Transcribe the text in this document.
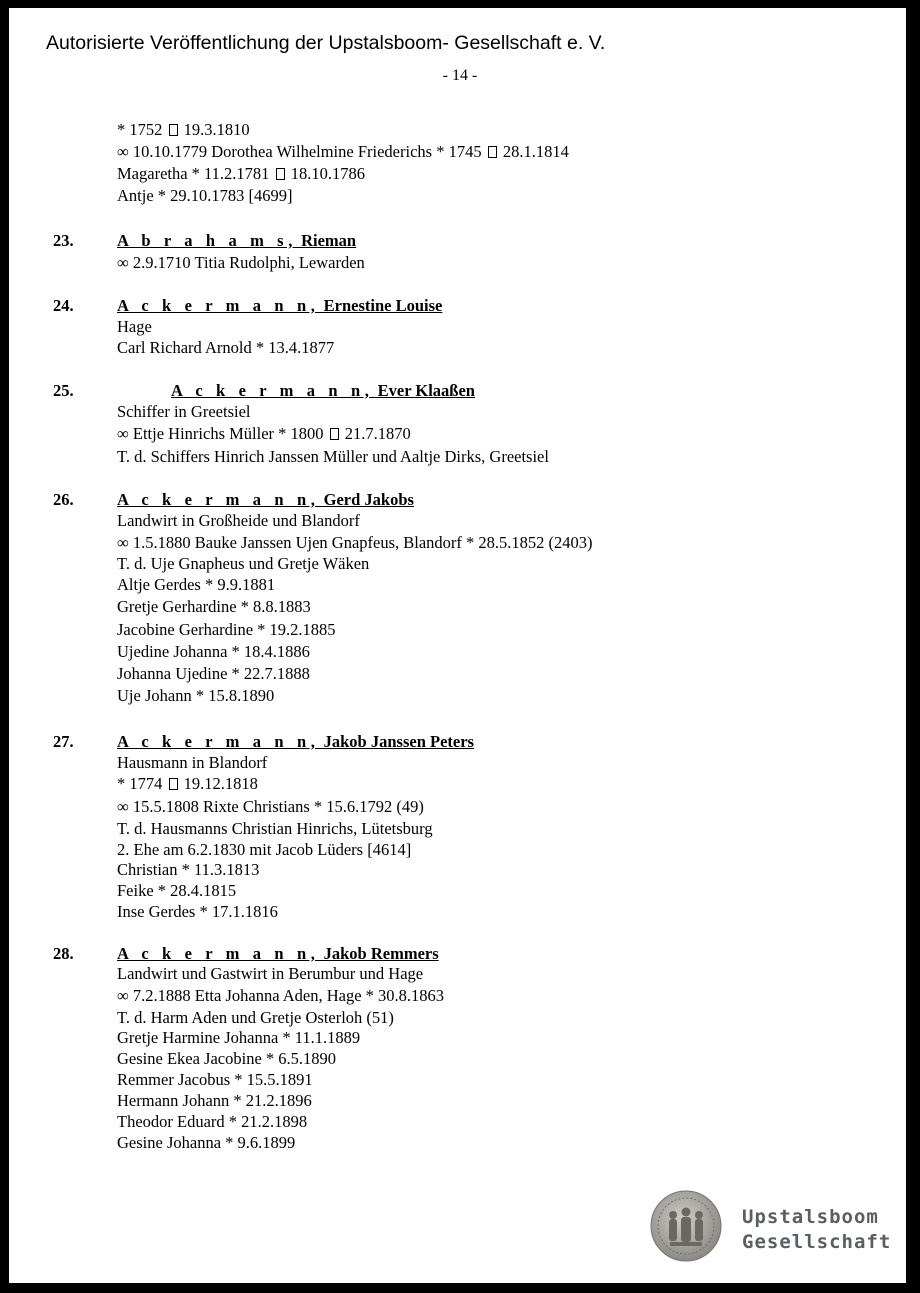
Autorisierte Veröffentlichung der Upstalsboom- Gesellschaft e. V.
- 14 -
* 1752 19.3.1810
∞ 10.10.1779 Dorothea Wilhelmine Friederichs * 1745 28.1.1814
Magaretha * 11.2.1781 18.10.1786
Antje * 29.10.1783 [4699]
23.	A b r a h a m s, Rieman
∞ 2.9.1710 Titia Rudolphi, Lewarden
24.	A c k e r m a n n, Ernestine Louise
Hage
Carl Richard Arnold * 13.4.1877
25.	A c k e r m a n n, Ever Klaaßen
Schiffer in Greetsiel
∞ Ettje Hinrichs Müller * 1800  21.7.1870
T. d. Schiffers Hinrich Janssen Müller und Aaltje Dirks, Greetsiel
26.	A c k e r m a n n, Gerd Jakobs
Landwirt in Großheide und Blandorf
∞ 1.5.1880 Bauke Janssen Ujen Gnapfeus, Blandorf * 28.5.1852 (2403)
T. d. Uje Gnapheus und Gretje Wäken
Altje Gerdes * 9.9.1881
Gretje Gerhardine * 8.8.1883
Jacobine Gerhardine * 19.2.1885
Ujedine Johanna * 18.4.1886
Johanna Ujedine * 22.7.1888
Uje Johann * 15.8.1890
27.	A c k e r m a n n, Jakob Janssen Peters
Hausmann in Blandorf
* 1774 19.12.1818
∞ 15.5.1808 Rixte Christians * 15.6.1792 (49)
T. d. Hausmanns Christian Hinrichs, Lütetsburg
2. Ehe am 6.2.1830 mit Jacob Lüders [4614]
Christian * 11.3.1813
Feike * 28.4.1815
Inse Gerdes * 17.1.1816
28.	A c k e r m a n n, Jakob Remmers
Landwirt und Gastwirt in Berumbur und Hage
∞ 7.2.1888 Etta Johanna Aden, Hage * 30.8.1863
T. d. Harm Aden und Gretje Osterloh (51)
Gretje Harmine Johanna * 11.1.1889
Gesine Ekea Jacobine * 6.5.1890
Remmer Jacobus * 15.5.1891
Hermann Johann * 21.2.1896
Theodor Eduard * 21.2.1898
Gesine Johanna * 9.6.1899
Upstalsboom
Gesellschaft
